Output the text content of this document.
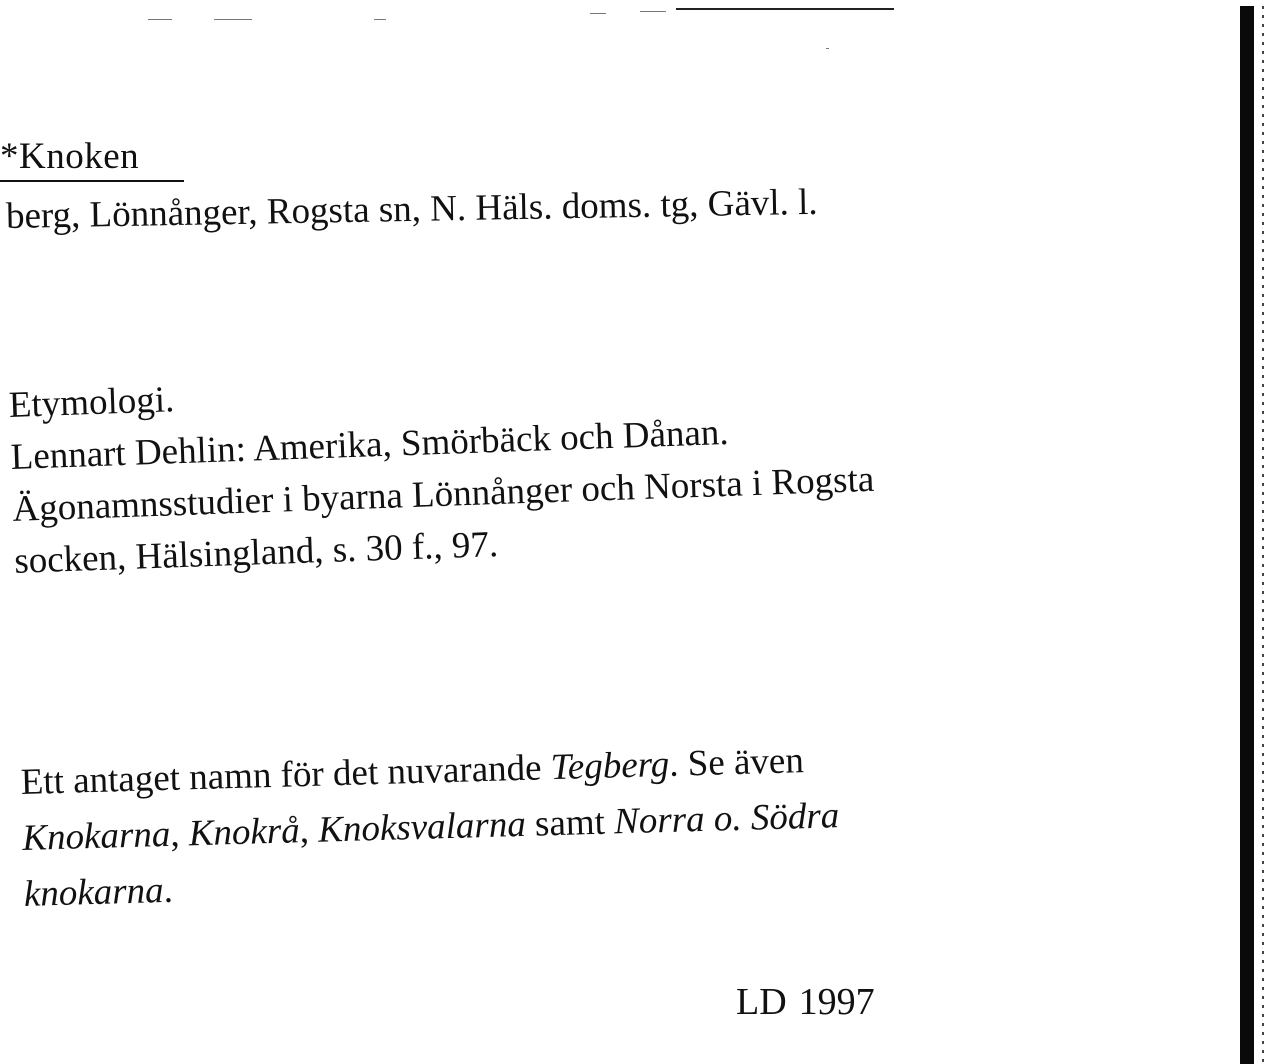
*Knoken
berg, Lönnånger, Rogsta sn, N. Häls. doms. tg, Gävl. l.
Etymologi.
Lennart Dehlin: Amerika, Smörbäck och Dånan.
Ägonamnsstudier i byarna Lönnånger och Norsta i Rogsta
socken, Hälsingland, s. 30 f., 97.
Ett antaget namn för det nuvarande Tegberg. Se även
Knokarna, Knokrå, Knoksvalarna samt Norra o. Södra
knokarna.
LD 1997
